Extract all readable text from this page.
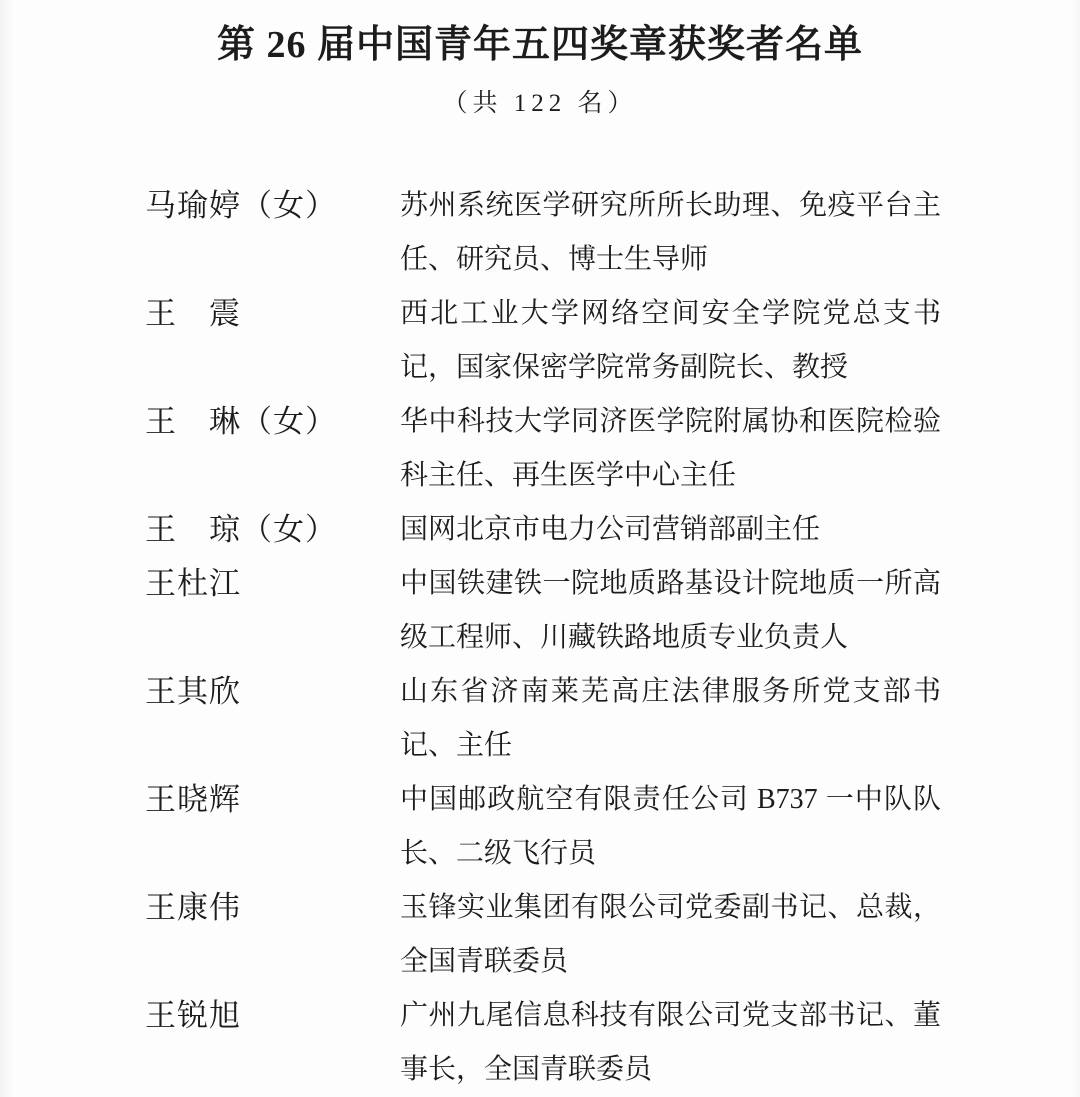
第 26 届中国青年五四奖章获奖者名单
（共 122 名）
马瑜婷（女）	苏州系统医学研究所所长助理、免疫平台主任、研究员、博士生导师
王　震	西北工业大学网络空间安全学院党总支书记，国家保密学院常务副院长、教授
王　琳（女）	华中科技大学同济医学院附属协和医院检验科主任、再生医学中心主任
王　琼（女）	国网北京市电力公司营销部副主任
王杜江	中国铁建铁一院地质路基设计院地质一所高级工程师、川藏铁路地质专业负责人
王其欣	山东省济南莱芜高庄法律服务所党支部书记、主任
王晓辉	中国邮政航空有限责任公司 B737 一中队队长、二级飞行员
王康伟	玉锋实业集团有限公司党委副书记、总裁，全国青联委员
王锐旭	广州九尾信息科技有限公司党支部书记、董事长，全国青联委员
